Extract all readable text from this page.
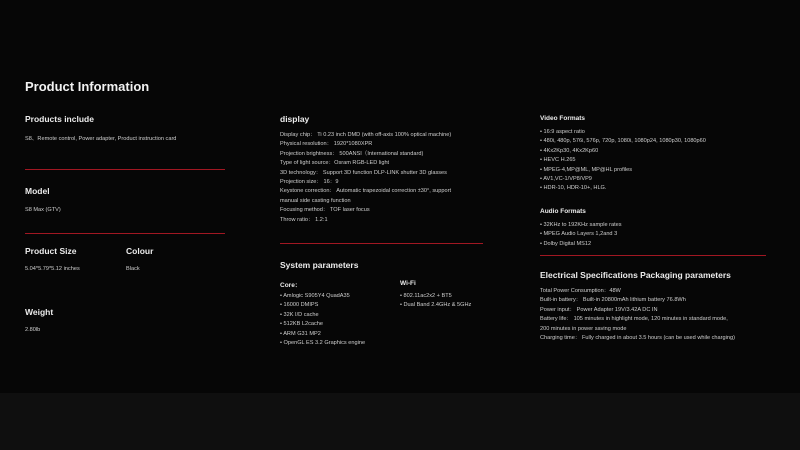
Product Information
Products include
S8、Remote control, Power adapter, Product instruction card
Model
S8 Max (GTV)
Product Size
5.04*5.79*5.12 inches
Colour
Black
Weight
2.80lb
display
Display chip： Ti 0.23 inch DMD (with off-axis 100% optical machine)
Physical resolution： 1920*1080XPR
Projection brightness： 500ANSI（International standard)
Type of light source：Osram RGB-LED light
3D technology： Support 3D function DLP-LINK shutter 3D glasses
Projection size： 16：9
Keystone correction： Automatic trapezoidal correction ±30°, support
manual side casting function
Focusing method： TOF laser focus
Throw ratio： 1.2:1
System parameters
Core：
• Amlogic S905Y4 QuadA35
• 16000 DMIPS
• 32K I/D cache
• 512KB L2cache
• ARM G31 MP2
• OpenGL ES 3.2 Graphics engine
Wi-Fi
• 802.11ac2x2 + BT5
• Dual Band 2.4GHz & 5GHz
Video Formats
• 16:9 aspect ratio
• 480i, 480p, 576i, 576p, 720p, 1080i, 1080p24, 1080p30, 1080p60
• 4Kx2Kp30, 4Kx2Kp60
• HEVC H.265
• MPEG-4,MP@ML, MP@HL profiles
• AV1,VC-1/VP8/VP9
• HDR-10, HDR-10+, HLG.
Audio Formats
• 32KHz to 192KHz sample rates
• MPEG Audio Layers 1,2and 3
• Dolby Digital MS12
Electrical Specifications Packaging parameters
Total Power Consumption：48W
Built-in battery： Built-in 20800mAh lithium battery 76.8Wh
Power input： Power Adapter 19V/3.42A DC IN
Battery life： 105 minutes in highlight mode, 120 minutes in standard mode,
200 minutes in power saving mode
Charging time： Fully charged in about 3.5 hours (can be used while charging)
